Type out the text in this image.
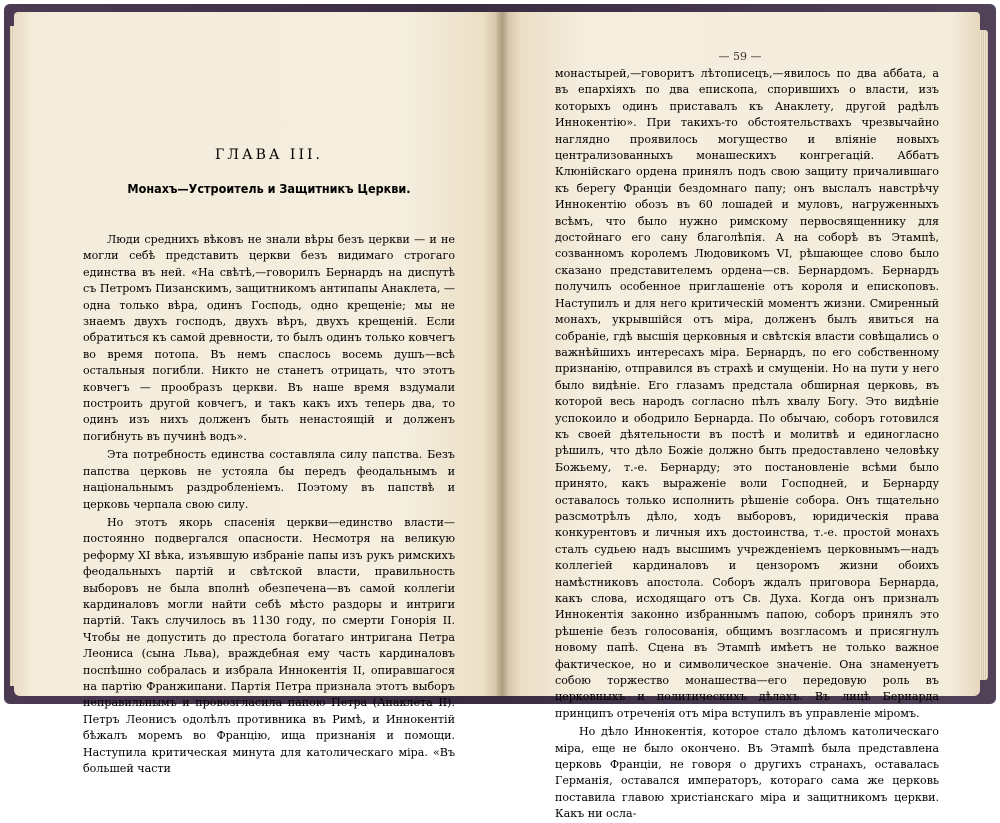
ГЛАВА III.
Монахъ—Устроитель и Защитникъ Церкви.

Люди среднихъ вѣковъ не знали вѣры безъ церкви — и не могли себѣ представить церкви безъ видимаго строгаго единства въ ней. «На свѣтѣ,—говорилъ Бернардъ на диспутѣ съ Петромъ Пизанскимъ, защитникомъ антипапы Анаклета, — одна только вѣра, одинъ Господь, одно крещеніе; мы не знаемъ двухъ господъ, двухъ вѣръ, двухъ крещеній. Если обратиться къ самой древности, то былъ одинъ только ковчегъ во время потопа. Въ немъ спаслось восемь душъ—всѣ остальныя погибли. Никто не станетъ отрицать, что этотъ ковчегъ — прообразъ церкви. Въ наше время вздумали построить другой ковчегъ, и такъ какъ ихъ теперь два, то одинъ изъ нихъ долженъ быть ненастоящій и долженъ погибнуть въ пучинѣ водъ».

Эта потребность единства составляла силу папства. Безъ папства церковь не устояла бы передъ феодальнымъ и національнымъ раздробленіемъ. Поэтому въ папствѣ и церковь черпала свою силу.

Но этотъ якорь спасенія церкви—единство власти—постоянно подвергался опасности. Несмотря на великую реформу XI вѣка, изъявшую избраніе папы изъ рукъ римскихъ феодальныхъ партій и свѣтской власти, правильность выборовъ не была вполнѣ обезпечена—въ самой коллегіи кардиналовъ могли найти себѣ мѣсто раздоры и интриги партій. Такъ случилось въ 1130 году, по смерти Гонорія II. Чтобы не допустить до престола богатаго интригана Петра Леониса (сына Льва), враждебная ему часть кардиналовъ поспѣшно собралась и избрала Иннокентія II, опиравшагося на партію Франжипани. Партія Петра признала этотъ выборъ неправильнымъ и провозгласила папою Петра (Анаклета II). Петръ Леонисъ одолѣлъ противника въ Римѣ, и Иннокентій бѣжалъ моремъ во Францію, ища признанія и помощи. Наступила критическая минута для католическаго міра. «Въ большей части

— 59 —

монастырей,—говоритъ лѣтописецъ,—явилось по два аббата, а въ епархіяхъ по два епископа, спорившихъ о власти, изъ которыхъ одинъ приставалъ къ Анаклету, другой радѣлъ Иннокентію». При такихъ-то обстоятельствахъ чрезвычайно наглядно проявилось могущество и вліяніе новыхъ централизованныхъ монашескихъ конгрегацій. Аббатъ Клюнійскаго ордена принялъ подъ свою защиту причалившаго къ берегу Франціи бездомнаго папу; онъ выслалъ навстрѣчу Иннокентію обозъ въ 60 лошадей и муловъ, нагруженныхъ всѣмъ, что было нужно римскому первосвященнику для достойнаго его сану благолѣпія. А на соборѣ въ Этампѣ, созванномъ королемъ Людовикомъ VI, рѣшающее слово было сказано представителемъ ордена—св. Бернардомъ. Бернардъ получилъ особенное приглашеніе отъ короля и епископовъ. Наступилъ и для него критическій моментъ жизни. Смиренный монахъ, укрывшійся отъ міра, долженъ былъ явиться на собраніе, гдѣ высшія церковныя и свѣтскія власти совѣщались о важнѣйшихъ интересахъ міра. Бернардъ, по его собственному признанію, отправился въ страхѣ и смущеніи. Но на пути у него было видѣніе. Его глазамъ предстала обширная церковь, въ которой весь народъ согласно пѣлъ хвалу Богу. Это видѣніе успокоило и ободрило Бернарда. По обычаю, соборъ готовился къ своей дѣятельности въ постѣ и молитвѣ и единогласно рѣшилъ, что дѣло Божіе должно быть предоставлено человѣку Божьему, т.-е. Бернарду; это постановленіе всѣми было принято, какъ выраженіе воли Господней, и Бернарду оставалось только исполнить рѣшеніе собора. Онъ тщательно разсмотрѣлъ дѣло, ходъ выборовъ, юридическія права конкурентовъ и личныя ихъ достоинства, т.-е. простой монахъ сталъ судьею надъ высшимъ учрежденіемъ церковнымъ—надъ коллегіей кардиналовъ и цензоромъ жизни обоихъ намѣстниковъ апостола. Соборъ ждалъ приговора Бернарда, какъ слова, исходящаго отъ Св. Духа. Когда онъ призналъ Иннокентія законно избраннымъ папою, соборъ принялъ это рѣшеніе безъ голосованія, общимъ возгласомъ и присягнулъ новому папѣ. Сцена въ Этампѣ имѣетъ не только важное фактическое, но и символическое значеніе. Она знаменуетъ собою торжество монашества—его передовую роль въ церковныхъ и политическихъ дѣлахъ. Въ лицѣ Бернарда принципъ отреченія отъ міра вступилъ въ управленіе міромъ.

Но дѣло Иннокентія, которое стало дѣломъ католическаго міра, еще не было окончено. Въ Этампѣ была представлена церковь Франціи, не говоря о другихъ странахъ, оставалась Германія, оставался императоръ, котораго сама же церковь поставила главою христіанскаго міра и защитникомъ церкви. Какъ ни осла-
